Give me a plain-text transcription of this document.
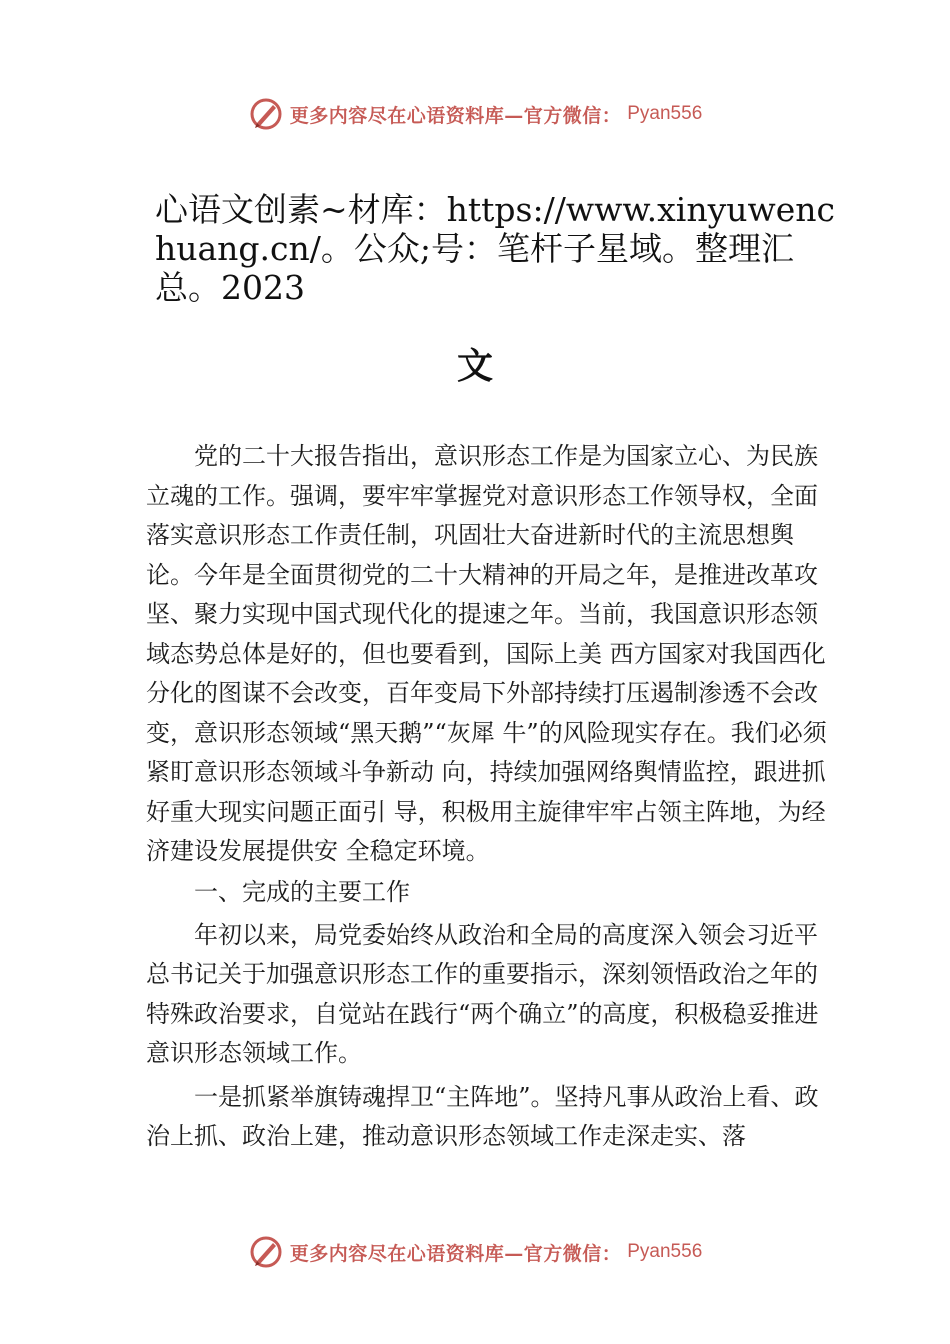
更多内容尽在心语资料库—官方微信： Pyan556
心语文创素~材库：https://www.xinyuwenchuang.cn/。公众;号：笔杆子星域。整理汇总。2023
文

党的二十大报告指出，意识形态工作是为国家立心、为民族立魂的工作。强调，要牢牢掌握党对意识形态工作领导权，全面落实意识形态工作责任制，巩固壮大奋进新时代的主流思想舆论。今年是全面贯彻党的二十大精神的开局之年，是推进改革攻坚、聚力实现中国式现代化的提速之年。当前，我国意识形态领域态势总体是好的，但也要看到，国际上美 西方国家对我国西化分化的图谋不会改变，百年变局下外部持续打压遏制渗透不会改变，意识形态领域“黑天鹅”“灰犀 牛”的风险现实存在。我们必须紧盯意识形态领域斗争新动 向，持续加强网络舆情监控，跟进抓好重大现实问题正面引 导，积极用主旋律牢牢占领主阵地，为经济建设发展提供安 全稳定环境。

一、完成的主要工作

年初以来，局党委始终从政治和全局的高度深入领会习近平总书记关于加强意识形态工作的重要指示，深刻领悟政治之年的特殊政治要求，自觉站在践行“两个确立”的高度，积极稳妥推进意识形态领域工作。

一是抓紧举旗铸魂捍卫“主阵地”。坚持凡事从政治上看、政治上抓、政治上建，推动意识形态领域工作走深走实、落

更多内容尽在心语资料库—官方微信： Pyan556
